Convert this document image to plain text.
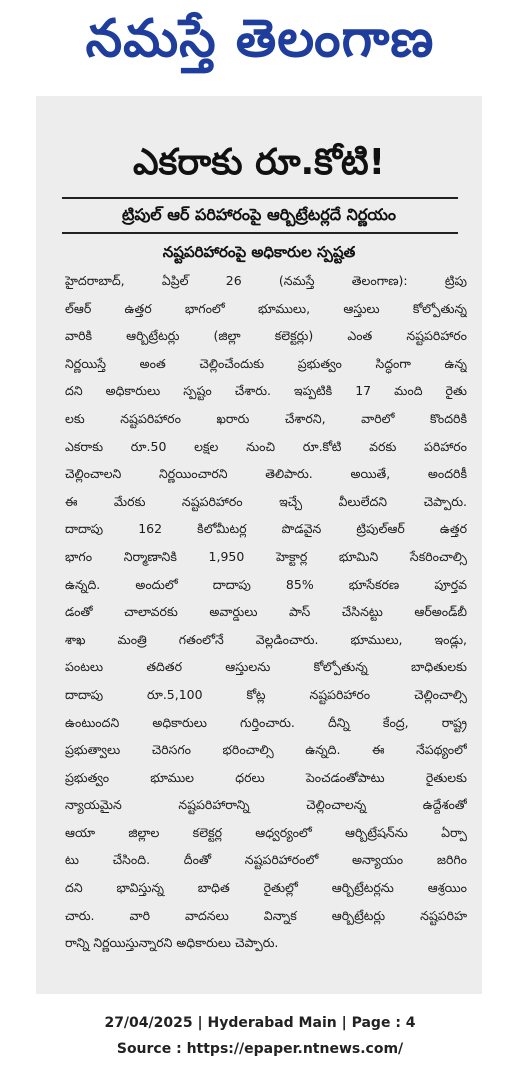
నమస్తే తెలంగాణ
ఎకరాకు రూ.కోటి!
ట్రిపుల్ ఆర్ పరిహారంపై ఆర్బిట్రేటర్లదే నిర్ణయం
నష్టపరిహారంపై అధికారుల స్పష్టత
హైదరాబాద్, ఏప్రిల్ 26 (నమస్తే తెలంగాణ): ట్రిపు
ల్‌ఆర్ ఉత్తర భాగంలో భూములు, ఆస్తులు కోల్పోతున్న
వారికి ఆర్బిట్రేటర్లు (జిల్లా కలెక్టర్లు) ఎంత నష్టపరిహారం
నిర్ణయిస్తే అంత చెల్లించేందుకు ప్రభుత్వం సిద్ధంగా ఉన్న
దని అధికారులు స్పష్టం చేశారు. ఇప్పటికి 17 మంది రైతు
లకు నష్టపరిహారం ఖరారు చేశారని, వారిలో కొందరికి
ఎకరాకు రూ.50 లక్షల నుంచి రూ.కోటి వరకు పరిహారం
చెల్లించాలని నిర్ణయించారని తెలిపారు. అయితే, అందరికీ
ఈ మేరకు నష్టపరిహారం ఇచ్చే వీలులేదని చెప్పారు.
దాదాపు 162 కిలోమీటర్ల పొడవైన ట్రిపుల్‌ఆర్ ఉత్తర
భాగం నిర్మాణానికి 1,950 హెక్టార్ల భూమిని సేకరించాల్సి
ఉన్నది. అందులో దాదాపు 85% భూసేకరణ పూర్తవ
డంతో చాలావరకు అవార్డులు పాస్ చేసినట్టు ఆర్‌అండ్‌బీ
శాఖ మంత్రి గతంలోనే వెల్లడించారు. భూములు, ఇండ్లు,
పంటలు తదితర ఆస్తులను కోల్పోతున్న బాధితులకు
దాదాపు రూ.5,100 కోట్ల నష్టపరిహారం చెల్లించాల్సి
ఉంటుందని అధికారులు గుర్తించారు. దీన్ని కేంద్ర, రాష్ట్ర
ప్రభుత్వాలు చెరిసగం భరించాల్సి ఉన్నది. ఈ నేపథ్యంలో
ప్రభుత్వం భూముల ధరలు పెంచడంతోపాటు రైతులకు
న్యాయమైన నష్టపరిహారాన్ని చెల్లించాలన్న ఉద్దేశంతో
ఆయా జిల్లాల కలెక్టర్ల ఆధ్వర్యంలో ఆర్బిట్రేషన్‌ను ఏర్పా
టు చేసింది. దీంతో నష్టపరిహారంలో అన్యాయం జరిగిం
దని భావిస్తున్న బాధిత రైతుల్లో ఆర్బిట్రేటర్లను ఆశ్రయిం
చారు. వారి వాదనలు విన్నాక ఆర్బిట్రేటర్లు నష్టపరిహ
రాన్ని నిర్ణయిస్తున్నారని అధికారులు చెప్పారు.
27/04/2025 | Hyderabad Main | Page : 4
Source : https://epaper.ntnews.com/
